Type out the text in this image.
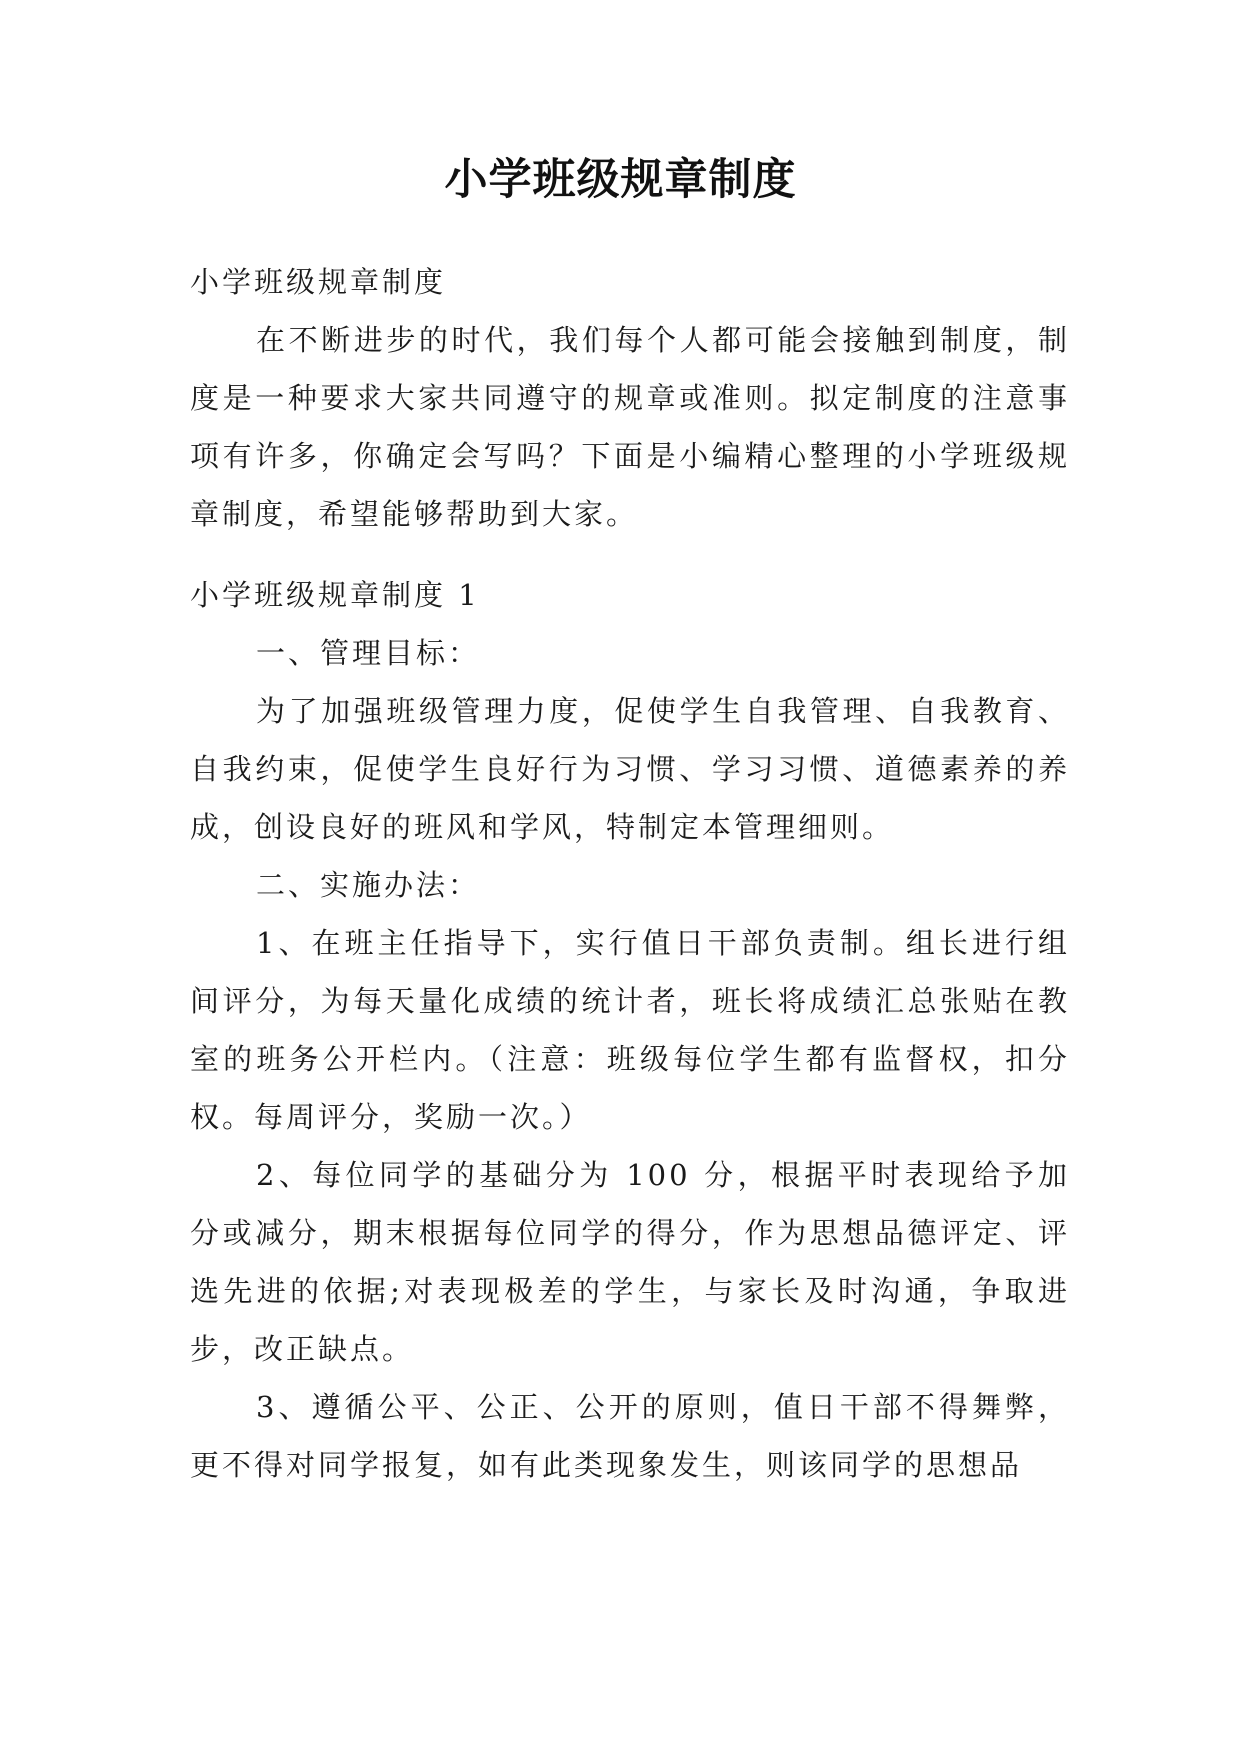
小学班级规章制度

小学班级规章制度

在不断进步的时代，我们每个人都可能会接触到制度，制度是一种要求大家共同遵守的规章或准则。拟定制度的注意事项有许多，你确定会写吗？下面是小编精心整理的小学班级规章制度，希望能够帮助到大家。

小学班级规章制度 1

一、管理目标：

为了加强班级管理力度，促使学生自我管理、自我教育、自我约束，促使学生良好行为习惯、学习习惯、道德素养的养成，创设良好的班风和学风，特制定本管理细则。

二、实施办法：

1、在班主任指导下，实行值日干部负责制。组长进行组间评分，为每天量化成绩的统计者，班长将成绩汇总张贴在教室的班务公开栏内。（注意：班级每位学生都有监督权，扣分权。每周评分，奖励一次。）

2、每位同学的基础分为 100 分，根据平时表现给予加分或减分，期末根据每位同学的得分，作为思想品德评定、评选先进的依据;对表现极差的学生，与家长及时沟通，争取进步，改正缺点。

3、遵循公平、公正、公开的原则，值日干部不得舞弊，更不得对同学报复，如有此类现象发生，则该同学的思想品
